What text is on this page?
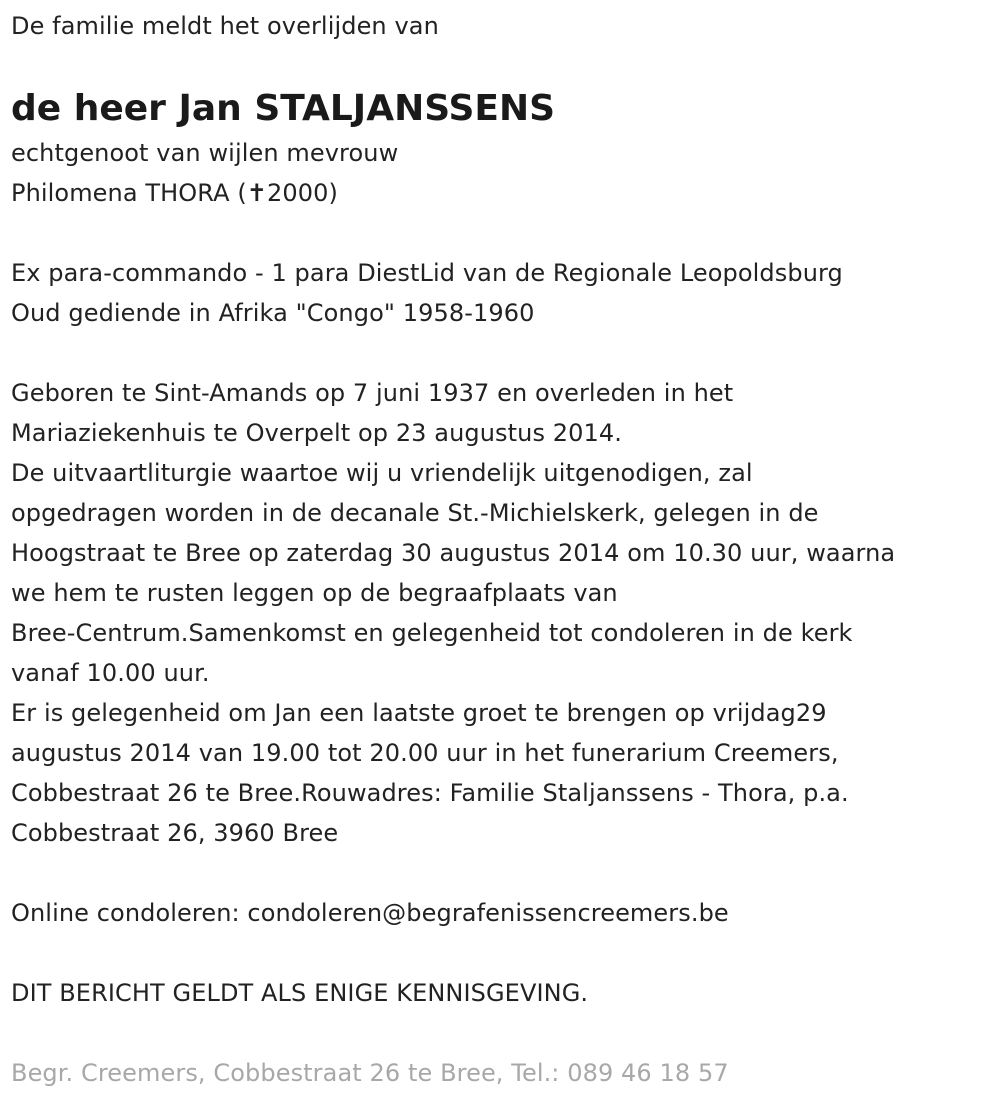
De familie meldt het overlijden van
de heer Jan STALJANSSENS
echtgenoot van wijlen mevrouw
Philomena THORA (✝2000)
Ex para-commando - 1 para DiestLid van de Regionale Leopoldsburg
Oud gediende in Afrika "Congo" 1958-1960
Geboren te Sint-Amands op 7 juni 1937 en overleden in het
Mariaziekenhuis te Overpelt op 23 augustus 2014.
De uitvaartliturgie waartoe wij u vriendelijk uitgenodigen, zal
opgedragen worden in de decanale St.-Michielskerk, gelegen in de
Hoogstraat te Bree op zaterdag 30 augustus 2014 om 10.30 uur, waarna
we hem te rusten leggen op de begraafplaats van
Bree-Centrum.Samenkomst en gelegenheid tot condoleren in de kerk
vanaf 10.00 uur.
Er is gelegenheid om Jan een laatste groet te brengen op vrijdag29
augustus 2014 van 19.00 tot 20.00 uur in het funerarium Creemers,
Cobbestraat 26 te Bree.Rouwadres: Familie Staljanssens - Thora, p.a.
Cobbestraat 26, 3960 Bree
Online condoleren: condoleren@begrafenissencreemers.be
DIT BERICHT GELDT ALS ENIGE KENNISGEVING.
Begr. Creemers, Cobbestraat 26 te Bree, Tel.: 089 46 18 57
